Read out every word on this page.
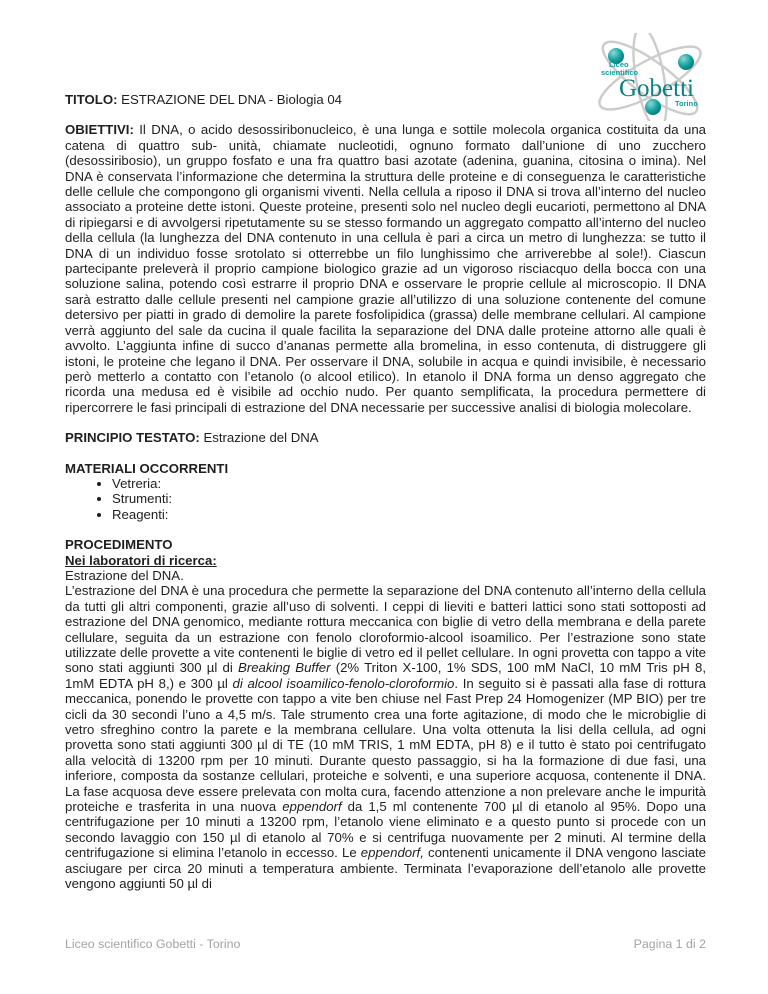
Liceo
scientifico
Gobetti
Torino

TITOLO: ESTRAZIONE DEL DNA - Biologia 04

OBIETTIVI: Il DNA, o acido desossiribonucleico, è una lunga e sottile molecola organica costituita da una catena di quattro sub- unità, chiamate nucleotidi, ognuno formato dall’unione di uno zucchero (desossiribosio), un gruppo fosfato e una fra quattro basi azotate (adenina, guanina, citosina o imina). Nel DNA è conservata l’informazione che determina la struttura delle proteine e di conseguenza le caratteristiche delle cellule che compongono gli organismi viventi. Nella cellula a riposo il DNA si trova all’interno del nucleo associato a proteine dette istoni. Queste proteine, presenti solo nel nucleo degli eucarioti, permettono al DNA di ripiegarsi e di avvolgersi ripetutamente su se stesso formando un aggregato compatto all’interno del nucleo della cellula (la lunghezza del DNA contenuto in una cellula è pari a circa un metro di lunghezza: se tutto il DNA di un individuo fosse srotolato si otterrebbe un filo lunghissimo che arriverebbe al sole!). Ciascun partecipante preleverà il proprio campione biologico grazie ad un vigoroso risciacquo della bocca con una soluzione salina, potendo così estrarre il proprio DNA e osservare le proprie cellule al microscopio. Il DNA sarà estratto dalle cellule presenti nel campione grazie all’utilizzo di una soluzione contenente del comune detersivo per piatti in grado di demolire la parete fosfolipidica (grassa) delle membrane cellulari. Al campione verrà aggiunto del sale da cucina il quale facilita la separazione del DNA dalle proteine attorno alle quali è avvolto. L’aggiunta infine di succo d’ananas permette alla bromelina, in esso contenuta, di distruggere gli istoni, le proteine che legano il DNA. Per osservare il DNA, solubile in acqua e quindi invisibile, è necessario però metterlo a contatto con l’etanolo (o alcool etilico). In etanolo il DNA forma un denso aggregato che ricorda una medusa ed è visibile ad occhio nudo. Per quanto semplificata, la procedura permettere di ripercorrere le fasi principali di estrazione del DNA necessarie per successive analisi di biologia molecolare.

PRINCIPIO TESTATO: Estrazione del DNA

MATERIALI OCCORRENTI

• Vetreria:
• Strumenti:
• Reagenti:

PROCEDIMENTO

Nei laboratori di ricerca:

Estrazione del DNA.

L’estrazione del DNA è una procedura che permette la separazione del DNA contenuto all’interno della cellula da tutti gli altri componenti, grazie all’uso di solventi. I ceppi di lieviti e batteri lattici sono stati sottoposti ad estrazione del DNA genomico, mediante rottura meccanica con biglie di vetro della membrana e della parete cellulare, seguita da un estrazione con fenolo cloroformio-alcool isoamilico. Per l’estrazione sono state utilizzate delle provette a vite contenenti le biglie di vetro ed il pellet cellulare. In ogni provetta con tappo a vite sono stati aggiunti 300 µl di Breaking Buffer (2% Triton X-100, 1% SDS, 100 mM NaCl, 10 mM Tris pH 8, 1mM EDTA pH 8,) e 300 µl di alcool isoamilico-fenolo-cloroformio. In seguito si è passati alla fase di rottura meccanica, ponendo le provette con tappo a vite ben chiuse nel Fast Prep 24 Homogenizer (MP BIO) per tre cicli da 30 secondi l’uno a 4,5 m/s. Tale strumento crea una forte agitazione, di modo che le microbiglie di vetro sfreghino contro la parete e la membrana cellulare. Una volta ottenuta la lisi della cellula, ad ogni provetta sono stati aggiunti 300 µl di TE (10 mM TRIS, 1 mM EDTA, pH 8) e il tutto è stato poi centrifugato alla velocità di 13200 rpm per 10 minuti. Durante questo passaggio, si ha la formazione di due fasi, una inferiore, composta da sostanze cellulari, proteiche e solventi, e una superiore acquosa, contenente il DNA. La fase acquosa deve essere prelevata con molta cura, facendo attenzione a non prelevare anche le impurità proteiche e trasferita in una nuova eppendorf da 1,5 ml contenente 700 µl di etanolo al 95%. Dopo una centrifugazione per 10 minuti a 13200 rpm, l’etanolo viene eliminato e a questo punto si procede con un secondo lavaggio con 150 µl di etanolo al 70% e si centrifuga nuovamente per 2 minuti. Al termine della centrifugazione si elimina l’etanolo in eccesso. Le eppendorf, contenenti unicamente il DNA vengono lasciate asciugare per circa 20 minuti a temperatura ambiente. Terminata l’evaporazione dell’etanolo alle provette vengono aggiunti 50 µl di

Liceo scientifico Gobetti - Torino	Pagina 1 di 2
